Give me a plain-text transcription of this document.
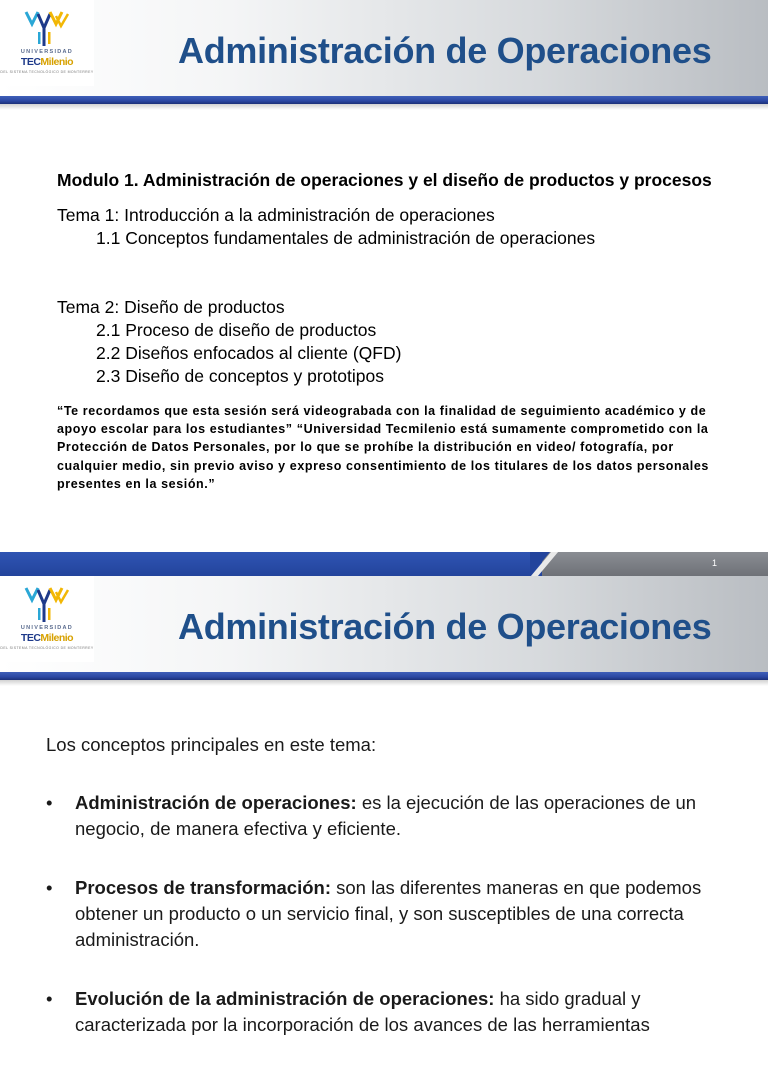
UNIVERSIDAD
TECMilenio
DEL SISTEMA TECNOLÓGICO DE MONTERREY
Administración de Operaciones

Modulo 1. Administración de operaciones y el diseño de productos y procesos

Tema 1: Introducción a la administración de operaciones

1.1 Conceptos fundamentales de administración de operaciones

Tema 2: Diseño de productos

2.1 Proceso de diseño de productos

2.2 Diseños enfocados al cliente (QFD)

2.3 Diseño de conceptos y prototipos

“Te recordamos que esta sesión será videograbada con la finalidad de seguimiento académico y de apoyo escolar para los estudiantes” “Universidad Tecmilenio está sumamente comprometido con la Protección de Datos Personales, por lo que se prohíbe la distribución en video/ fotografía, por cualquier medio, sin previo aviso y expreso consentimiento de los titulares de los datos personales presentes en la sesión.”

1
UNIVERSIDAD
TECMilenio
DEL SISTEMA TECNOLÓGICO DE MONTERREY
Administración de Operaciones

Los conceptos principales en este tema:

• Administración de operaciones: es la ejecución de las operaciones de un negocio, de manera efectiva y eficiente.
• Procesos de transformación: son las diferentes maneras en que podemos obtener un producto o un servicio final, y son susceptibles de una correcta administración.
• Evolución de la administración de operaciones: ha sido gradual y caracterizada por la incorporación de los avances de las herramientas
